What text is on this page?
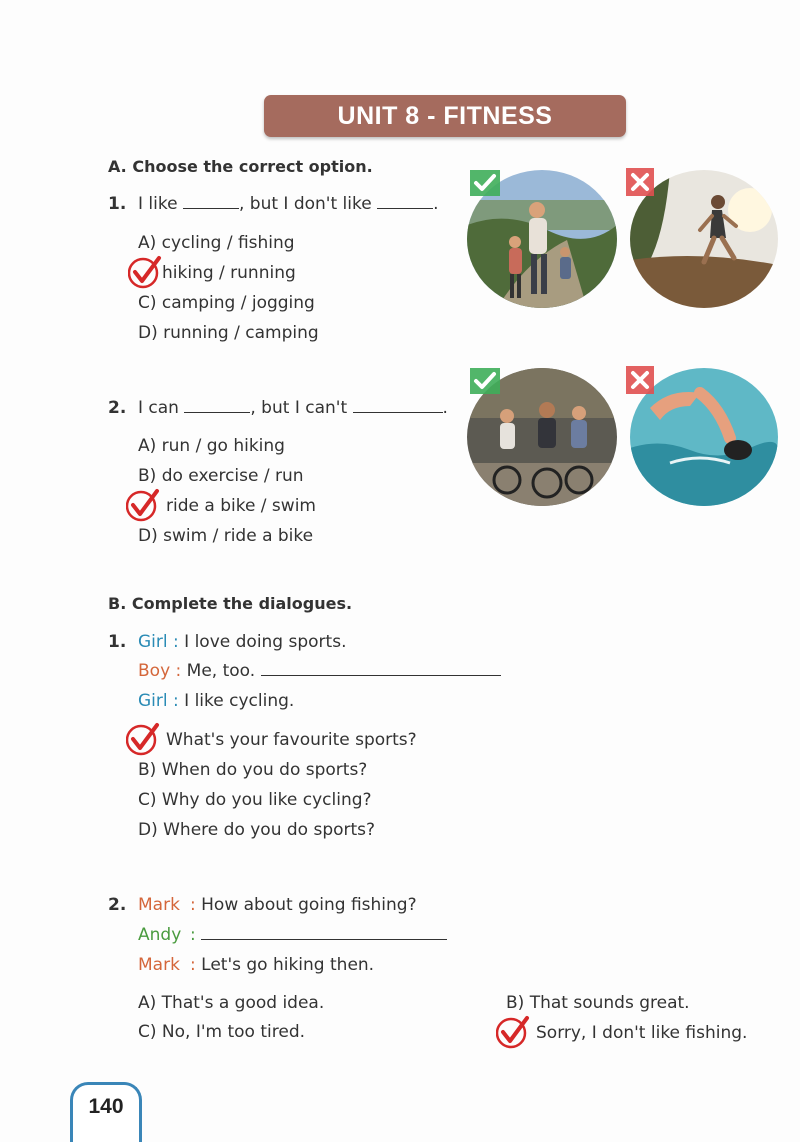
UNIT 8 - FITNESS
A. Choose the correct option.
1. I like	, but I don't like	.
A) cycling / fishing
hiking / running
C) camping / jogging
D) running / camping
2. I can	, but I can't	.
A) run / go hiking
B) do exercise / run
ride a bike / swim
D) swim / ride a bike
B. Complete the dialogues.
1. Girl : I love doing sports.
Boy : Me, too.
Girl : I like cycling.
What's your favourite sports?
B) When do you do sports?
C) Why do you like cycling?
D) Where do you do sports?
2. Mark : How about going fishing?
Andy :
Mark : Let's go hiking then.
A) That's a good idea.	B) That sounds great.
C) No, I'm too tired.	Sorry, I don't like fishing.
140
